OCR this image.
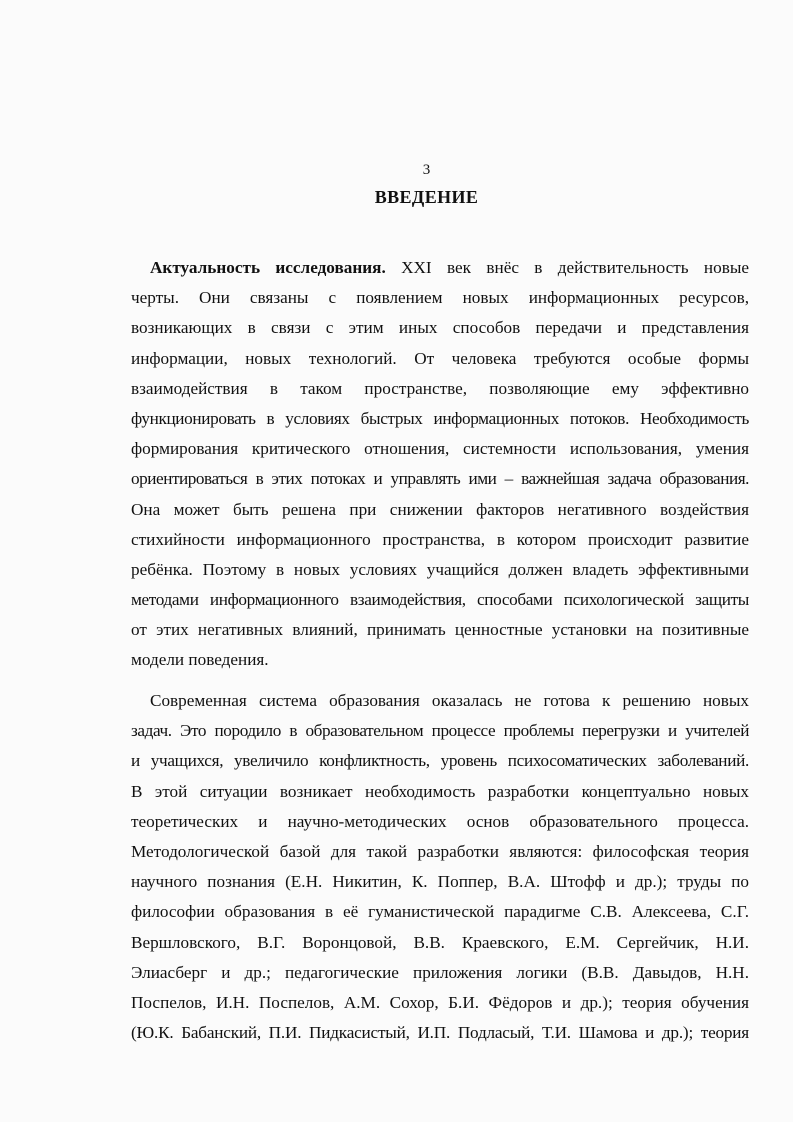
3
ВВЕДЕНИЕ
Актуальность исследования. XXI век внёс в действительность новые
черты. Они связаны с появлением новых информационных ресурсов,
возникающих в связи с этим иных способов передачи и представления
информации, новых технологий. От человека требуются особые формы
взаимодействия в таком пространстве, позволяющие ему эффективно
функционировать в условиях быстрых информационных потоков. Необходимость
формирования критического отношения, системности использования, умения
ориентироваться в этих потоках и управлять ими – важнейшая задача образования.
Она может быть решена при снижении факторов негативного воздействия
стихийности информационного пространства, в котором происходит развитие
ребёнка. Поэтому в новых условиях учащийся должен владеть эффективными
методами информационного взаимодействия, способами психологической защиты
от этих негативных влияний, принимать ценностные установки на позитивные
модели поведения.
Современная система образования оказалась не готова к решению новых
задач. Это породило в образовательном процессе проблемы перегрузки и учителей
и учащихся, увеличило конфликтность, уровень психосоматических заболеваний.
В этой ситуации возникает необходимость разработки концептуально новых
теоретических и научно-методических основ образовательного процесса.
Методологической базой для такой разработки являются: философская теория
научного познания (Е.Н. Никитин, К. Поппер, В.А. Штофф и др.); труды по
философии образования в её гуманистической парадигме С.В. Алексеева, С.Г.
Вершловского, В.Г. Воронцовой, В.В. Краевского, Е.М. Сергейчик, Н.И.
Элиасберг и др.; педагогические приложения логики (В.В. Давыдов, Н.Н.
Поспелов, И.Н. Поспелов, А.М. Сохор, Б.И. Фёдоров и др.); теория обучения
(Ю.К. Бабанский, П.И. Пидкасистый, И.П. Подласый, Т.И. Шамова и др.); теория
